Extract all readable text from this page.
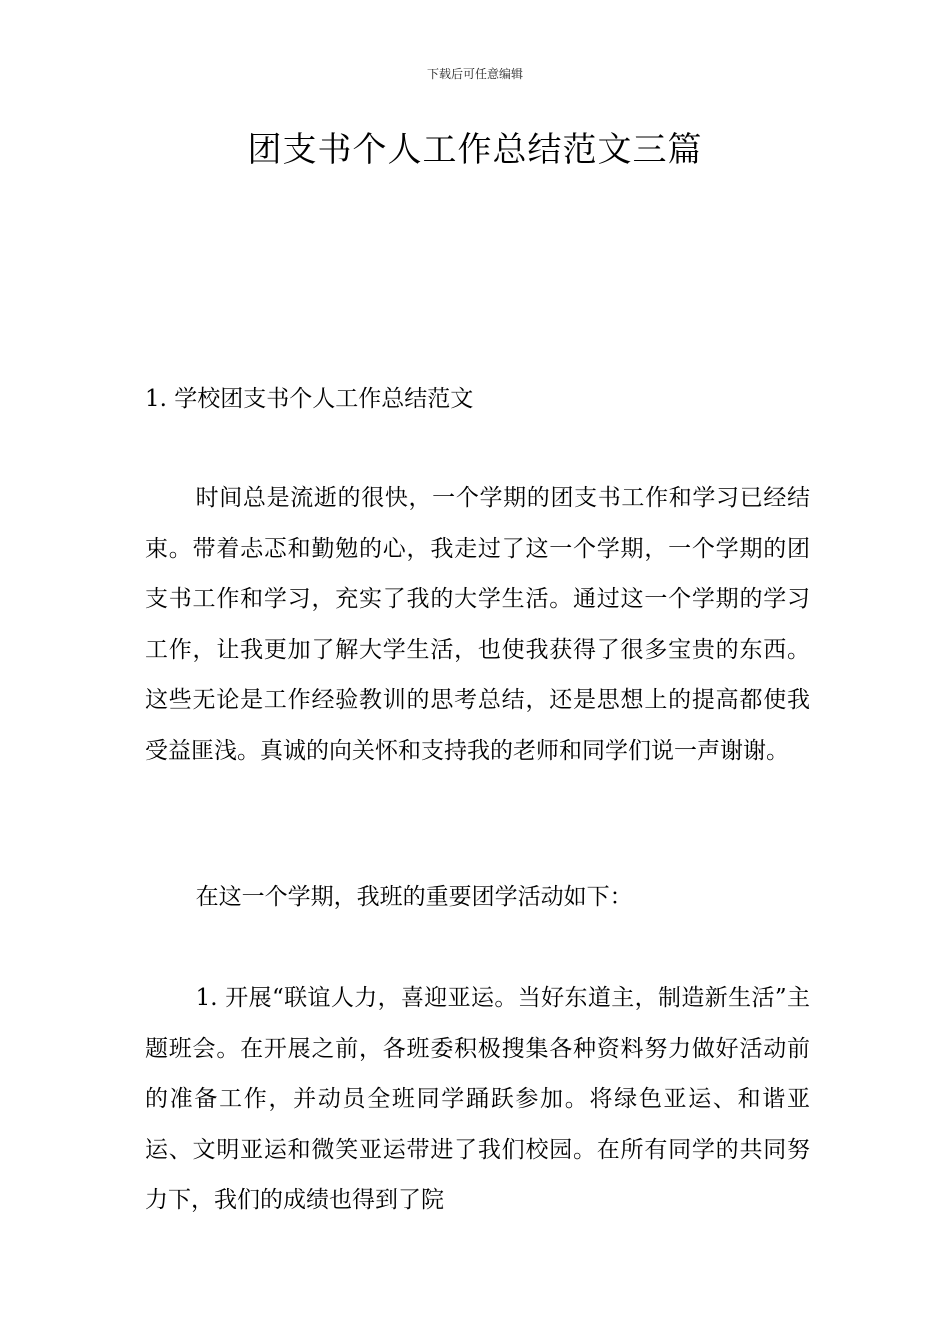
下载后可任意编辑
团支书个人工作总结范文三篇
1. 学校团支书个人工作总结范文

时间总是流逝的很快，一个学期的团支书工作和学习已经结束。带着忐忑和勤勉的心，我走过了这一个学期，一个学期的团支书工作和学习，充实了我的大学生活。通过这一个学期的学习工作，让我更加了解大学生活，也使我获得了很多宝贵的东西。这些无论是工作经验教训的思考总结，还是思想上的提高都使我受益匪浅。真诚的向关怀和支持我的老师和同学们说一声谢谢。

在这一个学期，我班的重要团学活动如下：

1. 开展“联谊人力，喜迎亚运。当好东道主，制造新生活”主题班会。在开展之前，各班委积极搜集各种资料努力做好活动前的准备工作，并动员全班同学踊跃参加。将绿色亚运、和谐亚运、文明亚运和微笑亚运带进了我们校园。在所有同学的共同努力下，我们的成绩也得到了院
